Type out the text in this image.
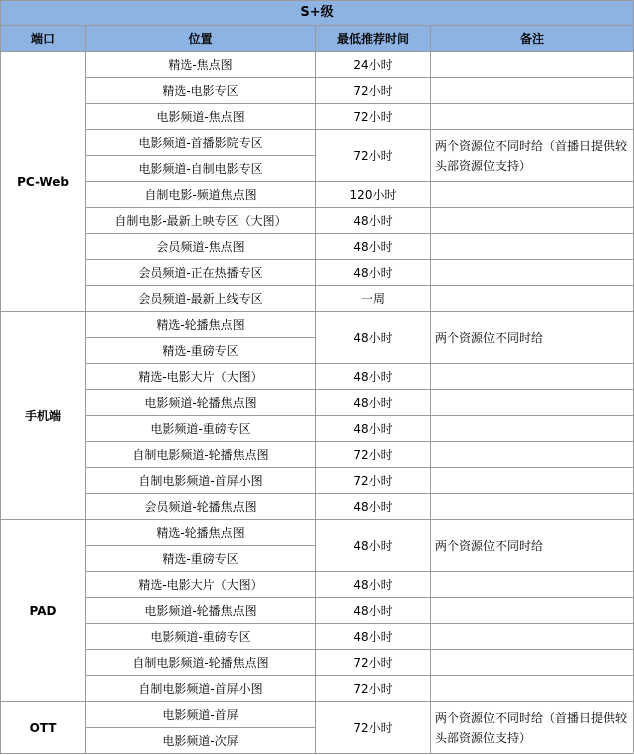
S+级			
端口	位置	最低推荐时间	备注
PC-Web	精选-焦点图	24小时	
	精选-电影专区	72小时	
	电影频道-焦点图	72小时	
	电影频道-首播影院专区	72小时	两个资源位不同时给（首播日提供较头部资源位支持）
	电影频道-自制电影专区		
	自制电影-频道焦点图	120小时	
	自制电影-最新上映专区（大图）	48小时	
	会员频道-焦点图	48小时	
	会员频道-正在热播专区	48小时	
	会员频道-最新上线专区	一周	
手机端	精选-轮播焦点图	48小时	两个资源位不同时给
	精选-重磅专区		
	精选-电影大片（大图）	48小时	
	电影频道-轮播焦点图	48小时	
	电影频道-重磅专区	48小时	
	自制电影频道-轮播焦点图	72小时	
	自制电影频道-首屏小图	72小时	
	会员频道-轮播焦点图	48小时	
PAD	精选-轮播焦点图	48小时	两个资源位不同时给
	精选-重磅专区		
	精选-电影大片（大图）	48小时	
	电影频道-轮播焦点图	48小时	
	电影频道-重磅专区	48小时	
	自制电影频道-轮播焦点图	72小时	
	自制电影频道-首屏小图	72小时	
OTT	电影频道-首屏	72小时	两个资源位不同时给（首播日提供较头部资源位支持）
	电影频道-次屏		
